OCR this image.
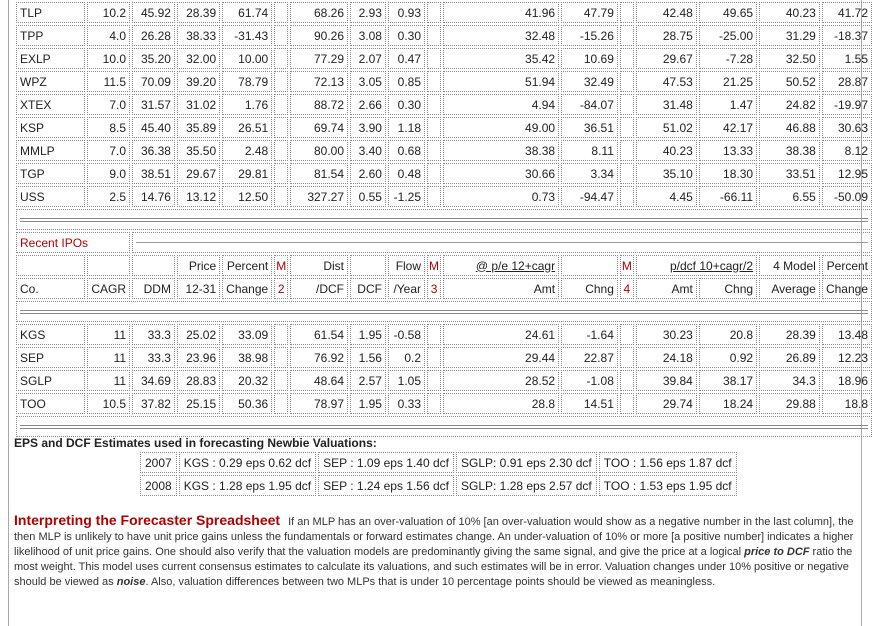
TLP	10.2	45.92	28.39	61.74		68.26	2.93	0.93		41.96	47.79		42.48	49.65	40.23	41.72
TPP	4.0	26.28	38.33	-31.43		90.26	3.08	0.30		32.48	-15.26		28.75	-25.00	31.29	-18.37
EXLP	10.0	35.20	32.00	10.00		77.29	2.07	0.47		35.42	10.69		29.67	-7.28	32.50	1.55
WPZ	11.5	70.09	39.20	78.79		72.13	3.05	0.85		51.94	32.49		47.53	21.25	50.52	28.87
XTEX	7.0	31.57	31.02	1.76		88.72	2.66	0.30		4.94	-84.07		31.48	1.47	24.82	-19.97
KSP	8.5	45.40	35.89	26.51		69.74	3.90	1.18		49.00	36.51		51.02	42.17	46.88	30.63
MMLP	7.0	36.38	35.50	2.48		80.00	3.40	0.68		38.38	8.11		40.23	13.33	38.38	8.12
TGP	9.0	38.51	29.67	29.81		81.54	2.60	0.48		30.66	3.34		35.10	18.30	33.51	12.95
USS	2.5	14.76	13.12	12.50		327.27	0.55	-1.25		0.73	-94.47		4.45	-66.11	6.55	-50.09

Recent IPOs																

			Price	Percent	M	Dist		Flow	M	@ p/e 12+cagr		M	p/dcf 10+cagr/2		4 Model	Percent
Co.	CAGR	DDM	12-31	Change	2	/DCF	DCF	/Year	3	Amt	Chng	4	Amt	Chng	Average	Change

KGS	11	33.3	25.02	33.09		61.54	1.95	-0.58		24.61	-1.64		30.23	20.8	28.39	13.48
SEP	11	33.3	23.96	38.98		76.92	1.56	0.2		29.44	22.87		24.18	0.92	26.89	12.23
SGLP	11	34.69	28.83	20.32		48.64	2.57	1.05		28.52	-1.08		39.84	38.17	34.3	18.96
TOO	10.5	37.82	25.15	50.36		78.97	1.95	0.33		28.8	14.51		29.74	18.24	29.88	18.8

EPS and DCF Estimates used in forecasting Newbie Valuations:
2007	KGS : 0.29 eps 0.62 dcf	SEP : 1.09 eps 1.40 dcf	SGLP: 0.91 eps 2.30 dcf	TOO : 1.56 eps 1.87 dcf
2008	KGS : 1.28 eps 1.95 dcf	SEP : 1.24 eps 1.56 dcf	SGLP: 1.28 eps 2.57 dcf	TOO : 1.53 eps 1.95 dcf
Interpreting the Forecaster Spreadsheet If an MLP has an over-valuation of 10% [an over-valuation would show as a negative number in the last column], the then MLP is unlikely to have unit price gains unless the fundamentals or forward estimates change. An under-valuation of 10% or more [a positive number] indicates a higher likelihood of unit price gains. One should also verify that the valuation models are predominantly giving the same signal, and give the price at a logical price to DCF ratio the most weight. This model uses current consensus estimates to calculate its valuations, and such estimates will be in error. Valuation changes under 10% positive or negative should be viewed as noise. Also, valuation differences between two MLPs that is under 10 percentage points should be viewed as meaningless.
